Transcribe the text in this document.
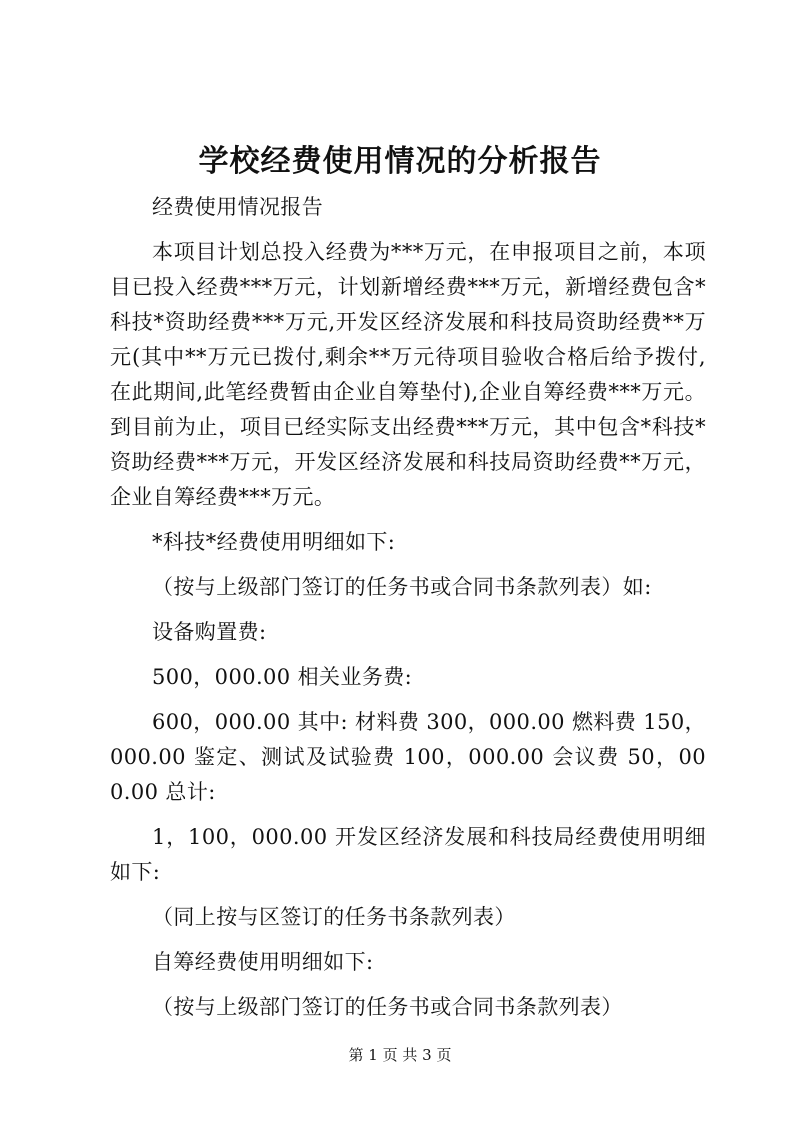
学校经费使用情况的分析报告

经费使用情况报告

本项目计划总投入经费为***万元，在申报项目之前，本项目已投入经费***万元，计划新增经费***万元，新增经费包含*科技*资助经费***万元,开发区经济发展和科技局资助经费**万元(其中**万元已拨付,剩余**万元待项目验收合格后给予拨付,在此期间,此笔经费暂由企业自筹垫付),企业自筹经费***万元。到目前为止，项目已经实际支出经费***万元，其中包含*科技*资助经费***万元，开发区经济发展和科技局资助经费**万元，企业自筹经费***万元。

*科技*经费使用明细如下:

（按与上级部门签订的任务书或合同书条款列表）如:

设备购置费:

500，000.00 相关业务费:

600，000.00 其中: 材料费 300，000.00 燃料费 150，000.00 鉴定、测试及试验费 100，000.00 会议费 50，000.00 总计:

1，100，000.00 开发区经济发展和科技局经费使用明细如下:

（同上按与区签订的任务书条款列表）

自筹经费使用明细如下:

（按与上级部门签订的任务书或合同书条款列表）

第 1 页 共 3 页
